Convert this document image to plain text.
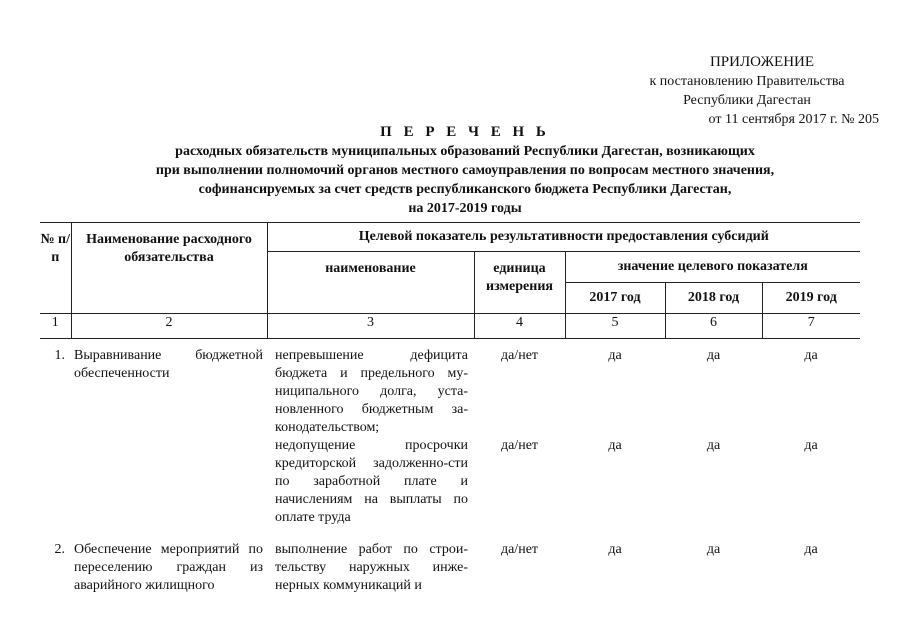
ПРИЛОЖЕНИЕ
к постановлению Правительства
Республики Дагестан
от 11 сентября 2017 г. № 205
П Е Р Е Ч Е Н Ь
расходных обязательств муниципальных образований Республики Дагестан, возникающих
при выполнении полномочий органов местного самоуправления по вопросам местного значения,
софинансируемых за счет средств республиканского бюджета Республики Дагестан,
на 2017-2019 годы
№ п/п	Наименование расходного обязательства	Целевой показатель результативности предоставления субсидий				
		наименование	единица измерения	значение целевого показателя		
				2017 год	2018 год	2019 год
1	2	3	4	5	6	7

1.	Выравнивание бюджетной обеспеченности	непревышение дефицита бюджета и предельного му-ниципального долга, уста-новленного бюджетным за-конодательством;	да/нет	да	да	да
		недопущение просрочки кредиторской задолженно-сти по заработной плате и начислениям на выплаты по оплате труда	да/нет	да	да	да

2.	Обеспечение мероприятий по переселению граждан из аварийного жилищного	выполнение работ по строи-тельству наружных инже-нерных коммуникаций и	да/нет	да	да	да
